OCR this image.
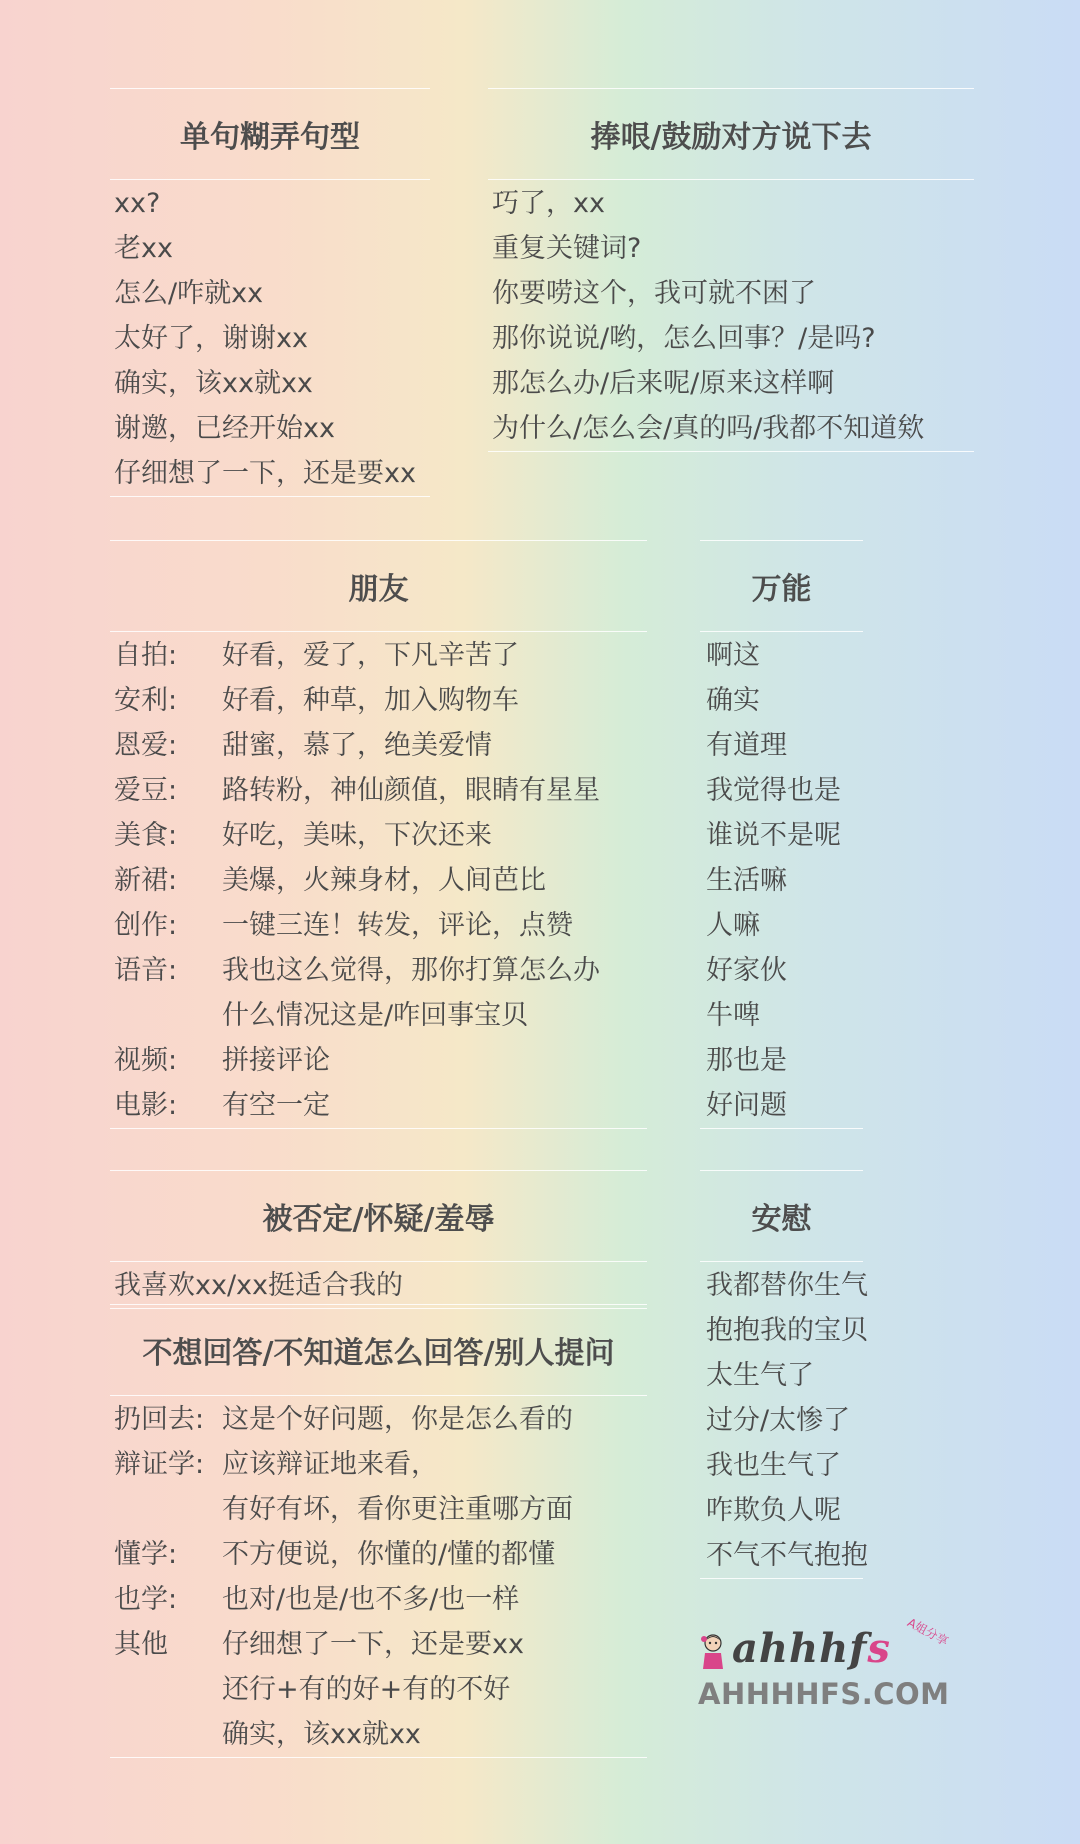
单句糊弄句型
xx?
老xx
怎么/咋就xx
太好了，谢谢xx
确实，该xx就xx
谢邀，已经开始xx
仔细想了一下，还是要xx
捧哏/鼓励对方说下去
巧了，xx
重复关键词?
你要唠这个，我可就不困了
那你说说/哟，怎么回事？/是吗?
那怎么办/后来呢/原来这样啊
为什么/怎么会/真的吗/我都不知道欸
朋友
自拍: 好看，爱了，下凡辛苦了
安利: 好看，种草，加入购物车
恩爱: 甜蜜，慕了，绝美爱情
爱豆: 路转粉，神仙颜值，眼睛有星星
美食: 好吃，美味，下次还来
新裙: 美爆，火辣身材，人间芭比
创作: 一键三连！转发，评论，点赞
语音: 我也这么觉得，那你打算怎么办
什么情况这是/咋回事宝贝
视频: 拼接评论
电影: 有空一定
万能
啊这
确实
有道理
我觉得也是
谁说不是呢
生活嘛
人嘛
好家伙
牛啤
那也是
好问题
被否定/怀疑/羞辱
我喜欢xx/xx挺适合我的
不想回答/不知道怎么回答/别人提问
扔回去: 这是个好问题，你是怎么看的
辩证学: 应该辩证地来看，
有好有坏，看你更注重哪方面
懂学: 不方便说，你懂的/懂的都懂
也学: 也对/也是/也不多/也一样
其他 仔细想了一下，还是要xx
还行+有的好+有的不好
确实，该xx就xx
安慰
我都替你生气
抱抱我的宝贝
太生气了
过分/太惨了
我也生气了
咋欺负人呢
不气不气抱抱
ahhhfs A姐分享
AHHHHFS.COM
